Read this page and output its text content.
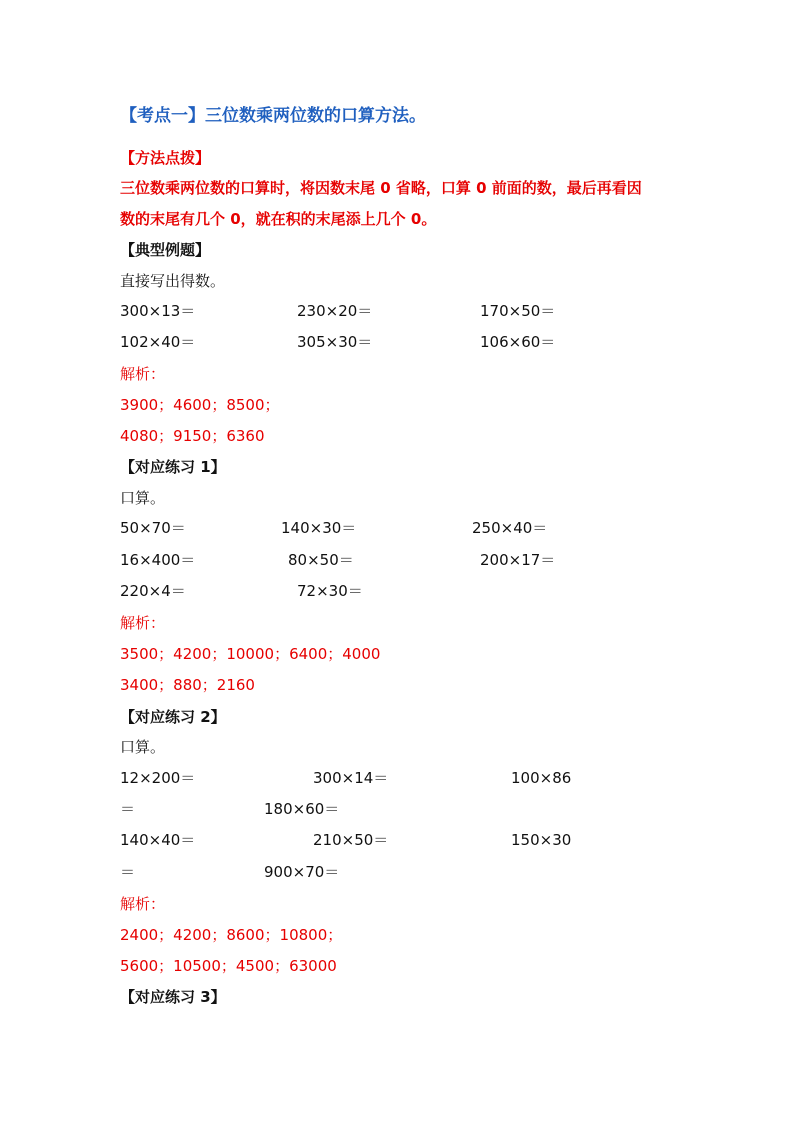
【考点一】三位数乘两位数的口算方法。
【方法点拨】
三位数乘两位数的口算时，将因数末尾 0 省略，口算 0 前面的数，最后再看因
数的末尾有几个 0，就在积的末尾添上几个 0。
【典型例题】
直接写出得数。
300×13＝	230×20＝	170×50＝
102×40＝	305×30＝	106×60＝
解析：
3900；4600；8500；
4080；9150；6360
【对应练习 1】
口算。
50×70＝	140×30＝	250×40＝
16×400＝	80×50＝	200×17＝
220×4＝	72×30＝
解析：
3500；4200；10000；6400；4000
3400；880；2160
【对应练习 2】
口算。
12×200＝	300×14＝	100×86
＝	180×60＝
140×40＝	210×50＝	150×30
＝	900×70＝
解析：
2400；4200；8600；10800；
5600；10500；4500；63000
【对应练习 3】
